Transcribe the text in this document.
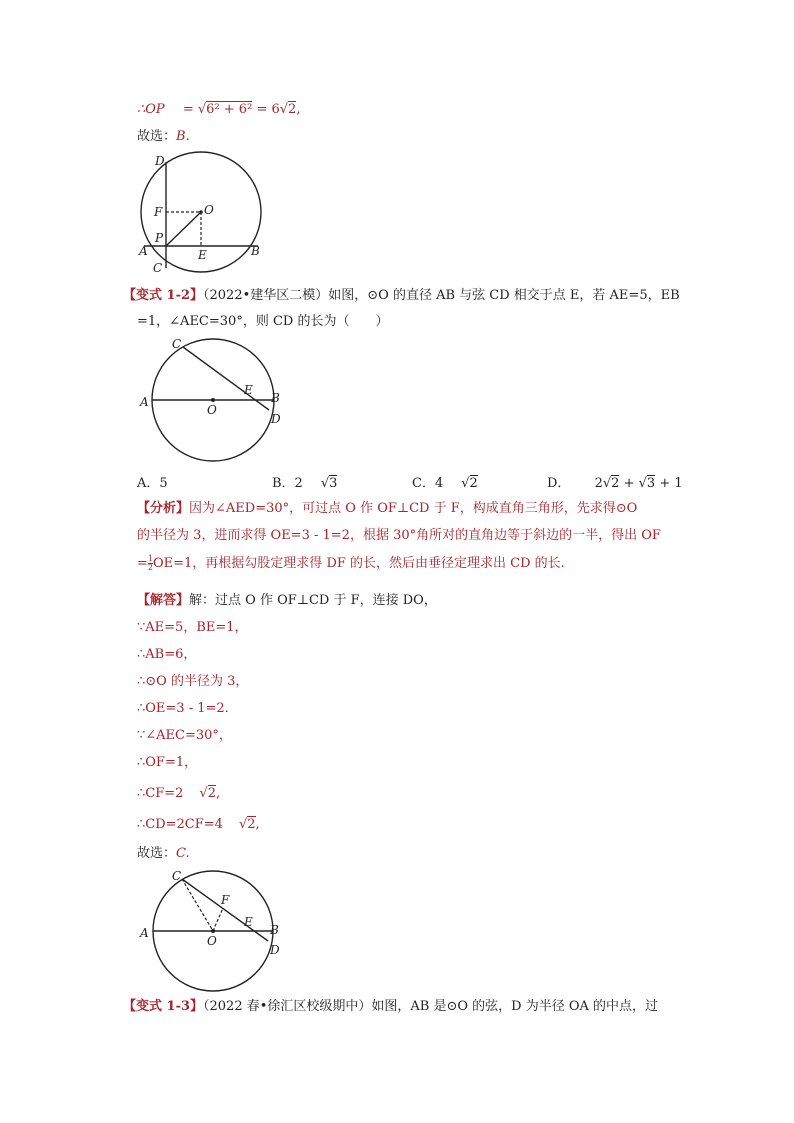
∴OP = √6² + 6² = 6√2,
故选：B.
D
F	O
P
A
C
E	B
【变式 1-2】（2022•建华区二模）如图，⊙O 的直径 AB 与弦 CD 相交于点 E，若 AE=5，EB
=1，∠AEC=30°，则 CD 的长为（　　）
C
E
A
O
B
D
A．5	B．2 √3	C．4 √2	D． 2√2 + √3 + 1
【分析】因为∠AED=30°，可过点 O 作 OF⊥CD 于 F，构成直角三角形，先求得⊙O
的半径为 3，进而求得 OE=3 - 1=2，根据 30°角所对的直角边等于斜边的一半，得出 OF
= $\frac{1}{2} OE=1$，再根据勾股定理求得 DF 的长，然后由垂径定理求出 CD 的长.
【解答】解：过点 O 作 OF⊥CD 于 F，连接 DO，
∵AE=5，BE=1，
∴AB=6，
∴⊙O 的半径为 3，
∴OE=3 - 1=2.
∵∠AEC=30°，
∴OF=1，
∴CF=2 √2,
∴CD=2CF=4 √2,
故选：C.
C
F
E
A
O
B
D
【变式 1-3】（2022 春•徐汇区校级期中）如图，AB 是⊙O 的弦，D 为半径 OA 的中点，过
